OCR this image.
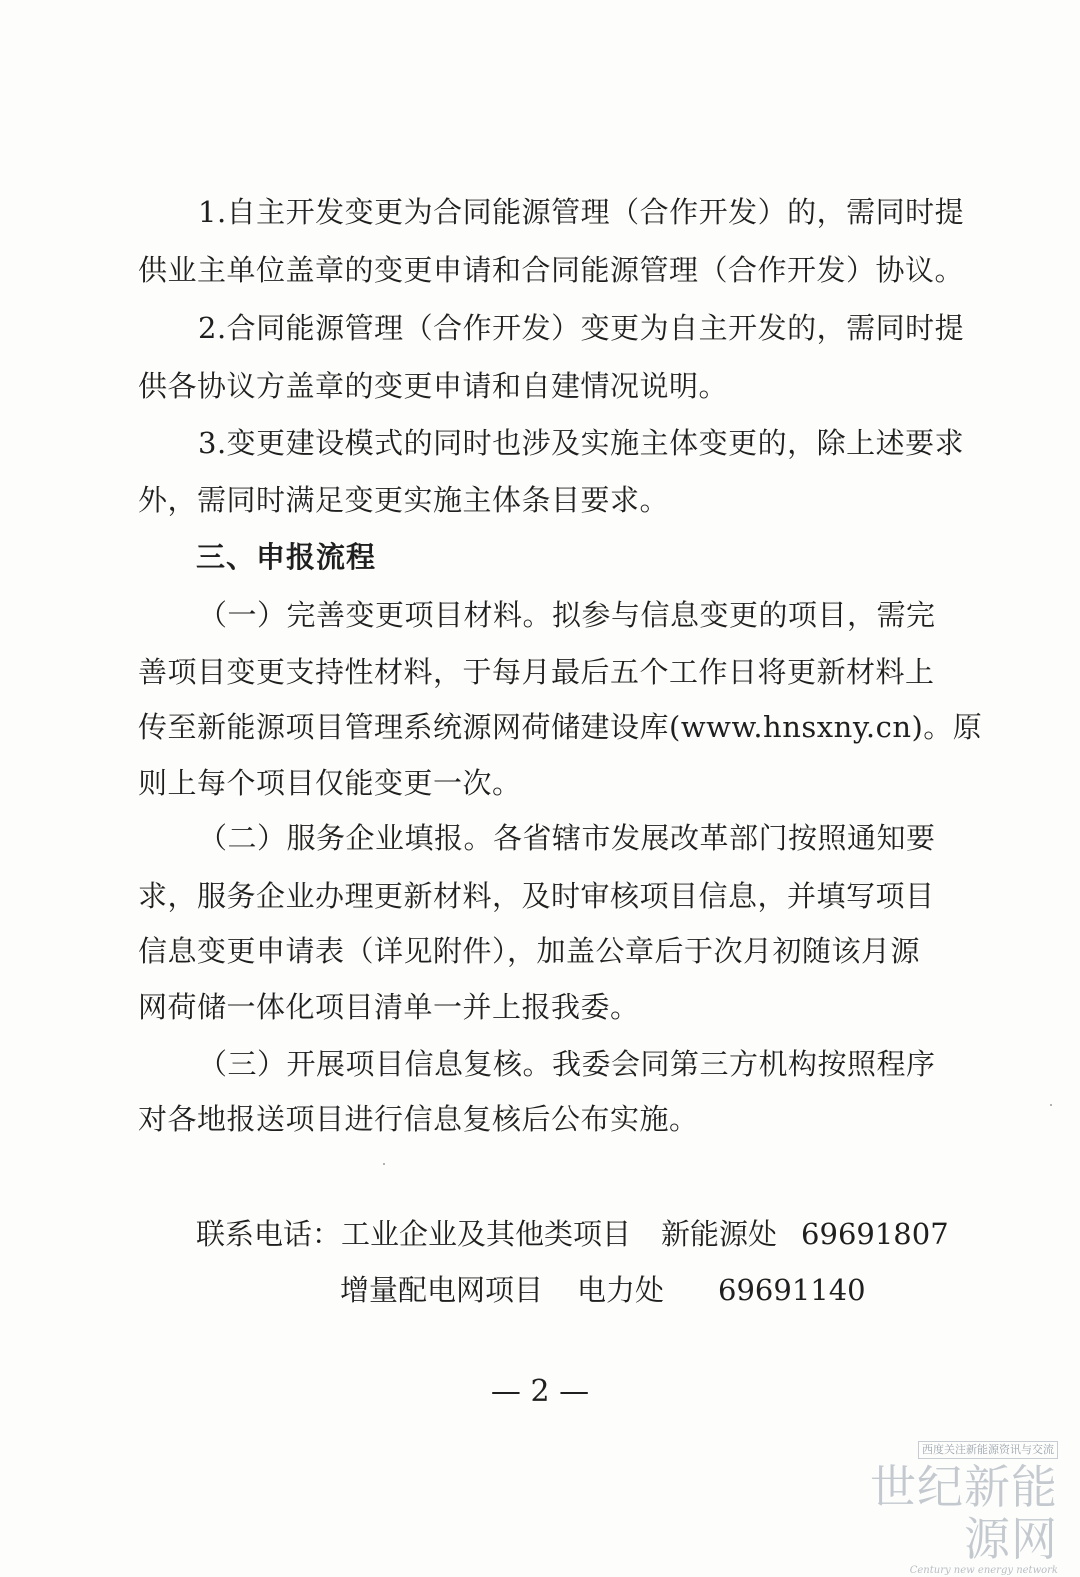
1.自主开发变更为合同能源管理（合作开发）的，需同时提
供业主单位盖章的变更申请和合同能源管理（合作开发）协议。
2.合同能源管理（合作开发）变更为自主开发的，需同时提
供各协议方盖章的变更申请和自建情况说明。
3.变更建设模式的同时也涉及实施主体变更的，除上述要求
外，需同时满足变更实施主体条目要求。
三、申报流程
（一）完善变更项目材料。拟参与信息变更的项目，需完
善项目变更支持性材料，于每月最后五个工作日将更新材料上
传至新能源项目管理系统源网荷储建设库(www.hnsxny.cn)。原
则上每个项目仅能变更一次。
（二）服务企业填报。各省辖市发展改革部门按照通知要
求，服务企业办理更新材料，及时审核项目信息，并填写项目
信息变更申请表（详见附件），加盖公章后于次月初随该月源
网荷储一体化项目清单一并上报我委。
（三）开展项目信息复核。我委会同第三方机构按照程序
对各地报送项目进行信息复核后公布实施。
联系电话：工业企业及其他类项目 新能源处 69691807
增量配电网项目 电力处 69691140
— 2 —
西度关注新能源资讯与交流
世纪新能源网
Century new energy network
